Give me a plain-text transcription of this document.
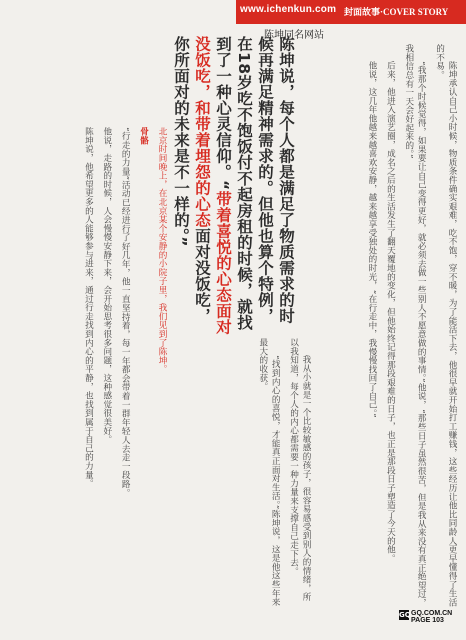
www.ichenkun.com 封面故事·COVER STORY
陈坤同名网站
陈坤说，每个人都是满足了物质需求的时候再满足精神需求的。但他也算个特例，在18岁吃不饱饭付不起房租的时候，就找到了一种心灵信仰。“带着喜悦的心态面对没饭吃，和带着埋怨的心态面对没饭吃，你所面对的未来是不一样的。”	陈坤承认自己小时候，物质条件确实艰难，吃不饱，穿不暖，为了能活下去，他很早就开始打工赚钱，这些经历让他比同龄人更早懂得了生活的不易。

“我那个时候觉得，如果要让自己变得更好，就必须去做一些别人不愿意做的事情。”他说，“那些日子虽然很苦，但是我从来没有真正绝望过，我相信总有一天会好起来的。”

后来，他进入演艺圈，成名之后的生活发生了翻天覆地的变化，但他始终记得那段艰难的日子，也正是那段日子塑造了今天的他。

他说，这几年他越来越喜欢安静，越来越享受独处的时光，“在行走中，我慢慢找回了自己。”

我从小就是一个比较敏感的孩子，很容易感受到别人的情绪，所以我知道，每个人的内心都需要一种力量来支撑自己走下去。

“找到内心的喜悦，才能真正面对生活。”陈坤说，这是他这些年来最大的收获。

北京时间晚上，在北京某个安静的小院子里，我们见到了陈坤。

骨骼

“行走的力量”活动已经进行了好几年，他一直坚持着，每一年都会带着一群年轻人去走一段路。

他说，走路的时候，人会慢慢安静下来，会开始思考很多问题，这种感觉很美好。

陈坤说，他希望更多的人能够参与进来，通过行走找到内心的平静，也找到属于自己的力量。

GQ GQ.COM.CN PAGE 103
